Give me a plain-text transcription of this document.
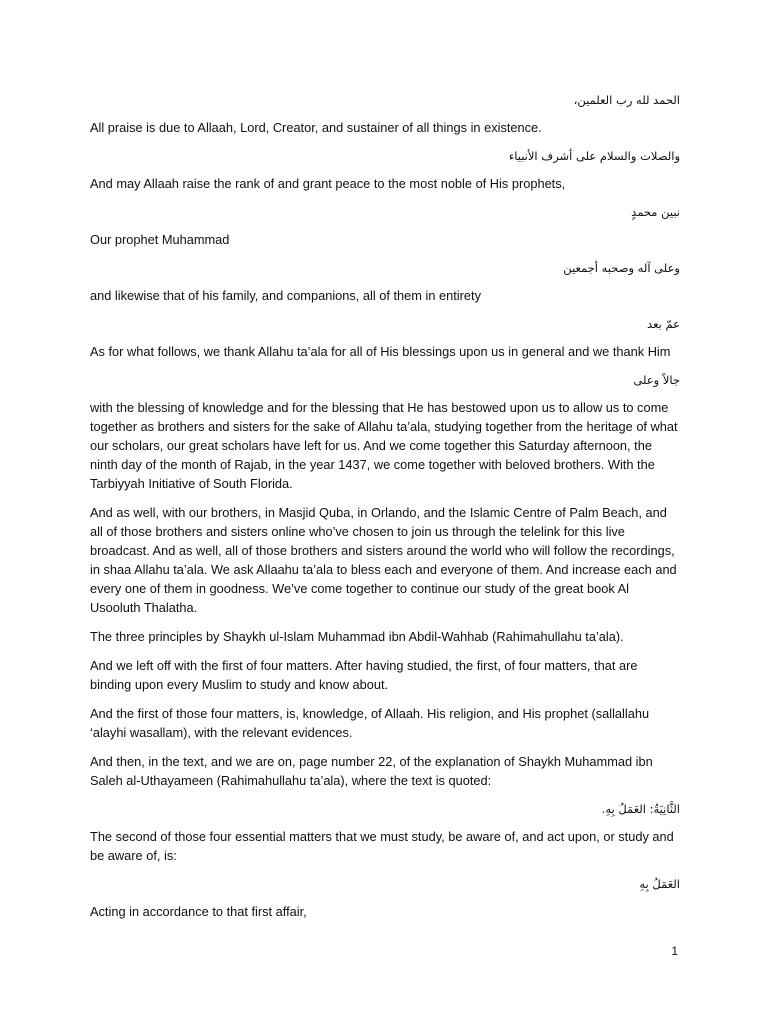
الحمد لله رب العلمين،

All praise is due to Allaah, Lord, Creator, and sustainer of all things in existence.

والصلات والسلام على أشرف الأنبياء

And may Allaah raise the rank of and grant peace to the most noble of His prophets,

نبين محمدٍ

Our prophet Muhammad

وعلى آله وصحبه أجمعين

and likewise that of his family, and companions, all of them in entirety

عمّ بعد

As for what follows, we thank Allahu ta’ala for all of His blessings upon us in general and we thank Him

جالاً وعلى

with the blessing of knowledge and for the blessing that He has bestowed upon us to allow us to come together as brothers and sisters for the sake of Allahu ta’ala, studying together from the heritage of what our scholars, our great scholars have left for us. And we come together this Saturday afternoon, the ninth day of the month of Rajab, in the year 1437, we come together with beloved brothers. With the Tarbiyyah Initiative of South Florida.

And as well, with our brothers, in Masjid Quba, in Orlando, and the Islamic Centre of Palm Beach, and all of those brothers and sisters online who’ve chosen to join us through the telelink for this live broadcast. And as well, all of those brothers and sisters around the world who will follow the recordings, in shaa Allahu ta’ala. We ask Allaahu ta’ala to bless each and everyone of them. And increase each and every one of them in goodness. We’ve come together to continue our study of the great book Al Usooluth Thalatha.

The three principles by Shaykh ul-Islam Muhammad ibn Abdil-Wahhab (Rahimahullahu ta’ala).

And we left off with the first of four matters. After having studied, the first, of four matters, that are binding upon every Muslim to study and know about.

And the first of those four matters, is, knowledge, of Allaah. His religion, and His prophet (sallallahu ‘alayhi wasallam), with the relevant evidences.

And then, in the text, and we are on, page number 22, of the explanation of Shaykh Muhammad ibn Saleh al-Uthayameen (Rahimahullahu ta’ala), where the text is quoted:

الثَّانِيَةُ: العَمَلُ بِهِ.

The second of those four essential matters that we must study, be aware of, and act upon, or study and be aware of, is:

العَمَلُ بِهِ

Acting in accordance to that first affair,

1
